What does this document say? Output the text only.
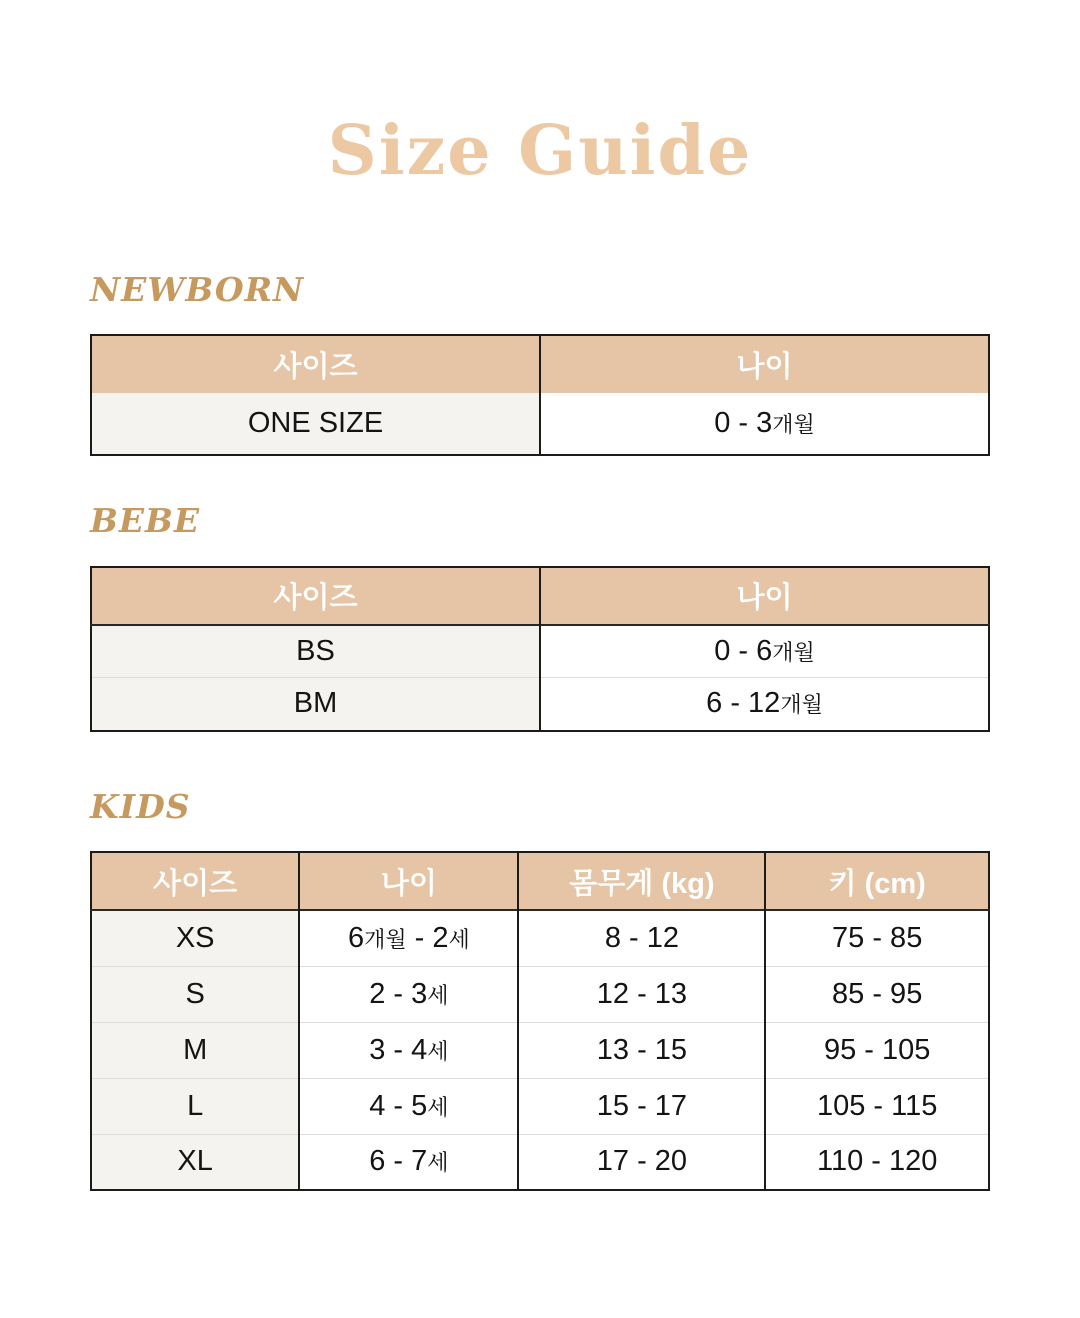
Size Guide
NEWBORN
사이즈	나이
ONE SIZE	0 - 3개월
BEBE
사이즈	나이
BS	0 - 6개월
BM	6 - 12개월
KIDS
사이즈	나이	몸무게 (kg)	키 (cm)
XS	6개월 - 2세	8 - 12	75 - 85
S	2 - 3세	12 - 13	85 - 95
M	3 - 4세	13 - 15	95 - 105
L	4 - 5세	15 - 17	105 - 115
XL	6 - 7세	17 - 20	110 - 120
